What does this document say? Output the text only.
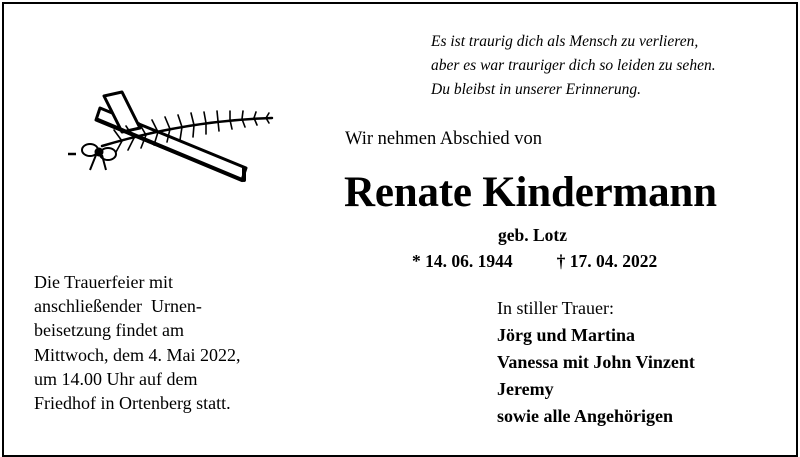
Es ist traurig dich als Mensch zu verlieren,
aber es war trauriger dich so leiden zu sehen.
Du bleibst in unserer Erinnerung.
Wir nehmen Abschied von
Renate Kindermann
geb. Lotz
* 14. 06. 1944	† 17. 04. 2022
Die Trauerfeier mit
anschließender  Urnen-
beisetzung findet am
Mittwoch, dem 4. Mai 2022,
um 14.00 Uhr auf dem
Friedhof in Ortenberg statt.
In stiller Trauer:
Jörg und Martina
Vanessa mit John Vinzent
Jeremy
sowie alle Angehörigen
